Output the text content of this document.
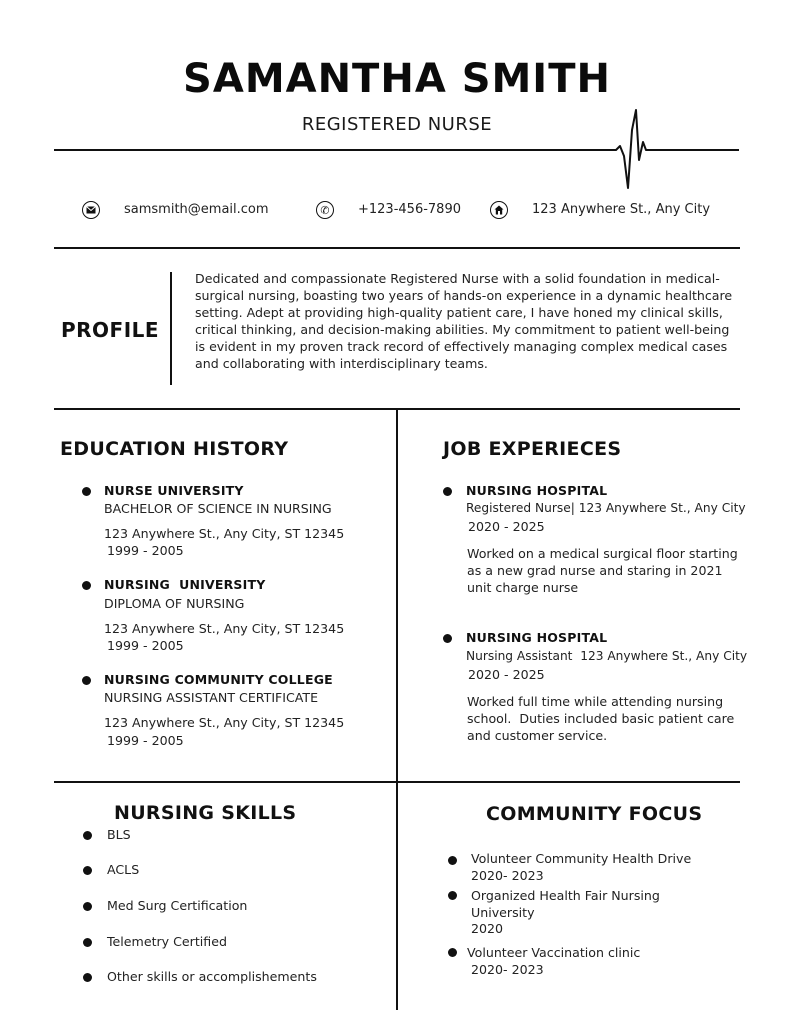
SAMANTHA SMITH
REGISTERED NURSE
samsmith@email.com	✆ +123-456-7890	123 Anywhere St., Any City
PROFILE
Dedicated and compassionate Registered Nurse with a solid foundation in medical-surgical nursing, boasting two years of hands-on experience in a dynamic healthcare setting. Adept at providing high-quality patient care, I have honed my clinical skills, critical thinking, and decision-making abilities. My commitment to patient well-being is evident in my proven track record of effectively managing complex medical cases and collaborating with interdisciplinary teams.
EDUCATION HISTORY
NURSE UNIVERSITY
BACHELOR OF SCIENCE IN NURSING
123 Anywhere St., Any City, ST 12345
1999 - 2005
NURSING  UNIVERSITY
DIPLOMA OF NURSING
123 Anywhere St., Any City, ST 12345
1999 - 2005
NURSING COMMUNITY COLLEGE
NURSING ASSISTANT CERTIFICATE
123 Anywhere St., Any City, ST 12345
1999 - 2005
JOB EXPERIECES
NURSING HOSPITAL
Registered Nurse| 123 Anywhere St., Any City
2020 - 2025
Worked on a medical surgical floor starting as a new grad nurse and staring in 2021 unit charge nurse
NURSING HOSPITAL
Nursing Assistant  123 Anywhere St., Any City
2020 - 2025
Worked full time while attending nursing school.  Duties included basic patient care and customer service.
NURSING SKILLS
BLS
ACLS
Med Surg Certification
Telemetry Certified
Other skills or accomplishements
COMMUNITY FOCUS
Volunteer Community Health Drive
2020- 2023
Organized Health Fair Nursing University
2020
Volunteer Vaccination clinic
2020- 2023
